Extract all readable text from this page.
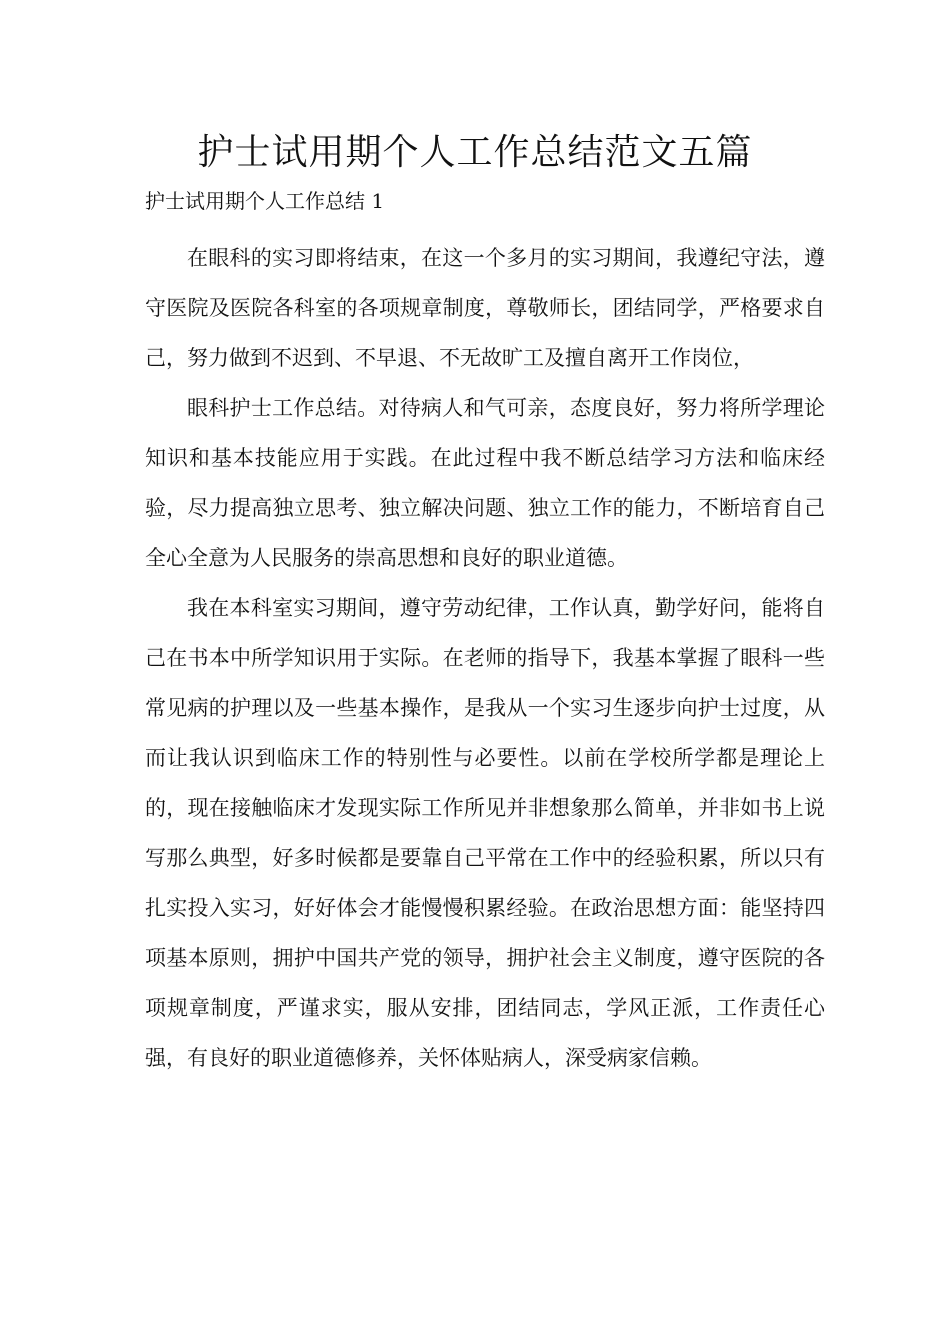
护士试用期个人工作总结范文五篇

护士试用期个人工作总结 1

在眼科的实习即将结束，在这一个多月的实习期间，我遵纪守法，遵守医院及医院各科室的各项规章制度，尊敬师长，团结同学，严格要求自己，努力做到不迟到、不早退、不无故旷工及擅自离开工作岗位，

眼科护士工作总结。对待病人和气可亲，态度良好，努力将所学理论知识和基本技能应用于实践。在此过程中我不断总结学习方法和临床经验，尽力提高独立思考、独立解决问题、独立工作的能力，不断培育自己全心全意为人民服务的崇高思想和良好的职业道德。

我在本科室实习期间，遵守劳动纪律，工作认真，勤学好问，能将自己在书本中所学知识用于实际。在老师的指导下，我基本掌握了眼科一些常见病的护理以及一些基本操作，是我从一个实习生逐步向护士过度，从而让我认识到临床工作的特别性与必要性。以前在学校所学都是理论上的，现在接触临床才发现实际工作所见并非想象那么简单，并非如书上说写那么典型，好多时候都是要靠自己平常在工作中的经验积累，所以只有扎实投入实习，好好体会才能慢慢积累经验。在政治思想方面：能坚持四项基本原则，拥护中国共产党的领导，拥护社会主义制度，遵守医院的各项规章制度，严谨求实，服从安排，团结同志，学风正派，工作责任心强，有良好的职业道德修养，关怀体贴病人，深受病家信赖。
